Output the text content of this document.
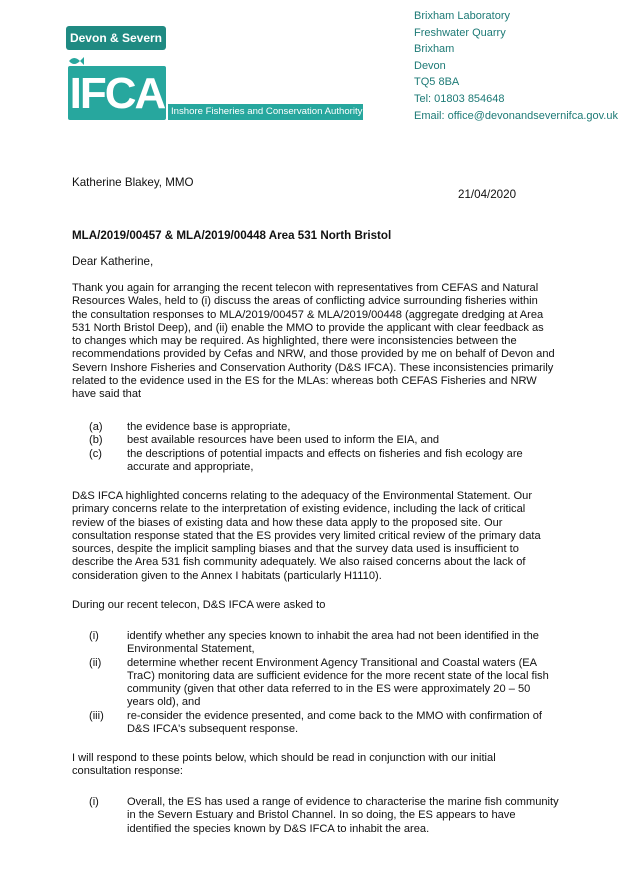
Devon & Severn
IFCA Inshore Fisheries and Conservation Authority
Brixham Laboratory
Freshwater Quarry
Brixham
Devon
TQ5 8BA
Tel: 01803 854648
Email: office@devonandsevernifca.gov.uk
Katherine Blakey, MMO
21/04/2020
MLA/2019/00457 & MLA/2019/00448 Area 531 North Bristol
Dear Katherine,
Thank you again for arranging the recent telecon with representatives from CEFAS and Natural Resources Wales, held to (i) discuss the areas of conflicting advice surrounding fisheries within the consultation responses to MLA/2019/00457 & MLA/2019/00448 (aggregate dredging at Area 531 North Bristol Deep), and (ii) enable the MMO to provide the applicant with clear feedback as to changes which may be required. As highlighted, there were inconsistencies between the recommendations provided by Cefas and NRW, and those provided by me on behalf of Devon and Severn Inshore Fisheries and Conservation Authority (D&S IFCA). These inconsistencies primarily related to the evidence used in the ES for the MLAs: whereas both CEFAS Fisheries and NRW have said that
(a)	the evidence base is appropriate,
(b)	best available resources have been used to inform the EIA, and
(c)	the descriptions of potential impacts and effects on fisheries and fish ecology are accurate and appropriate,
D&S IFCA highlighted concerns relating to the adequacy of the Environmental Statement. Our primary concerns relate to the interpretation of existing evidence, including the lack of critical review of the biases of existing data and how these data apply to the proposed site. Our consultation response stated that the ES provides very limited critical review of the primary data sources, despite the implicit sampling biases and that the survey data used is insufficient to describe the Area 531 fish community adequately. We also raised concerns about the lack of consideration given to the Annex I habitats (particularly H1110).
During our recent telecon, D&S IFCA were asked to
(i)	identify whether any species known to inhabit the area had not been identified in the Environmental Statement,
(ii)	determine whether recent Environment Agency Transitional and Coastal waters (EA TraC) monitoring data are sufficient evidence for the more recent state of the local fish community (given that other data referred to in the ES were approximately 20 – 50 years old), and
(iii)	re-consider the evidence presented, and come back to the MMO with confirmation of D&S IFCA's subsequent response.
I will respond to these points below, which should be read in conjunction with our initial consultation response:
(i)	Overall, the ES has used a range of evidence to characterise the marine fish community in the Severn Estuary and Bristol Channel. In so doing, the ES appears to have identified the species known by D&S IFCA to inhabit the area.
